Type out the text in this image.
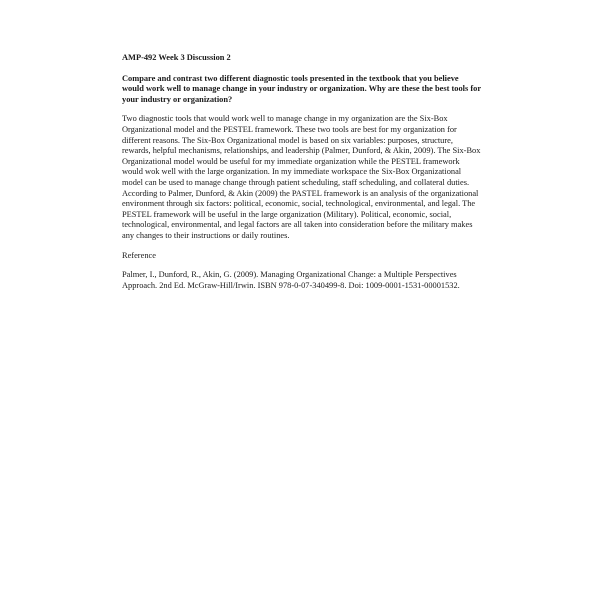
AMP-492 Week 3 Discussion 2

Compare and contrast two different diagnostic tools presented in the textbook that you believe would work well to manage change in your industry or organization. Why are these the best tools for your industry or organization?

Two diagnostic tools that would work well to manage change in my organization are the Six-Box Organizational model and the PESTEL framework. These two tools are best for my organization for different reasons. The Six-Box Organizational model is based on six variables: purposes, structure, rewards, helpful mechanisms, relationships, and leadership (Palmer, Dunford, & Akin, 2009). The Six-Box Organizational model would be useful for my immediate organization while the PESTEL framework would wok well with the large organization. In my immediate workspace the Six-Box Organizational model can be used to manage change through patient scheduling, staff scheduling, and collateral duties. According to Palmer, Dunford, & Akin (2009) the PASTEL framework is an analysis of the organizational environment through six factors: political, economic, social, technological, environmental, and legal. The PESTEL framework will be useful in the large organization (Military). Political, economic, social, technological, environmental, and legal factors are all taken into consideration before the military makes any changes to their instructions or daily routines.

Reference

Palmer, I., Dunford, R., Akin, G. (2009). Managing Organizational Change: a Multiple Perspectives Approach. 2nd Ed. McGraw-Hill/Irwin. ISBN 978-0-07-340499-8. Doi: 1009-0001-1531-00001532.
